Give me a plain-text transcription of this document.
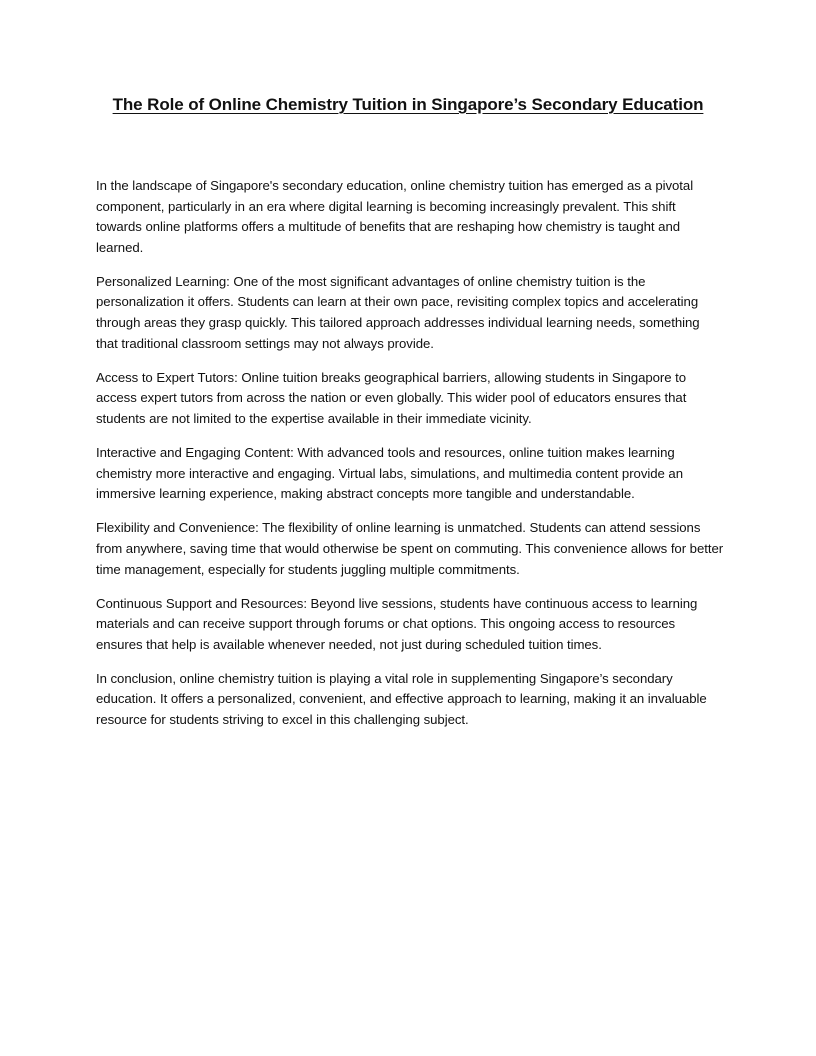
The Role of Online Chemistry Tuition in Singapore’s Secondary Education

In the landscape of Singapore's secondary education, online chemistry tuition has emerged as a pivotal component, particularly in an era where digital learning is becoming increasingly prevalent. This shift towards online platforms offers a multitude of benefits that are reshaping how chemistry is taught and learned.

Personalized Learning: One of the most significant advantages of online chemistry tuition is the personalization it offers. Students can learn at their own pace, revisiting complex topics and accelerating through areas they grasp quickly. This tailored approach addresses individual learning needs, something that traditional classroom settings may not always provide.

Access to Expert Tutors: Online tuition breaks geographical barriers, allowing students in Singapore to access expert tutors from across the nation or even globally. This wider pool of educators ensures that students are not limited to the expertise available in their immediate vicinity.

Interactive and Engaging Content: With advanced tools and resources, online tuition makes learning chemistry more interactive and engaging. Virtual labs, simulations, and multimedia content provide an immersive learning experience, making abstract concepts more tangible and understandable.

Flexibility and Convenience: The flexibility of online learning is unmatched. Students can attend sessions from anywhere, saving time that would otherwise be spent on commuting. This convenience allows for better time management, especially for students juggling multiple commitments.

Continuous Support and Resources: Beyond live sessions, students have continuous access to learning materials and can receive support through forums or chat options. This ongoing access to resources ensures that help is available whenever needed, not just during scheduled tuition times.

In conclusion, online chemistry tuition is playing a vital role in supplementing Singapore’s secondary education. It offers a personalized, convenient, and effective approach to learning, making it an invaluable resource for students striving to excel in this challenging subject.
